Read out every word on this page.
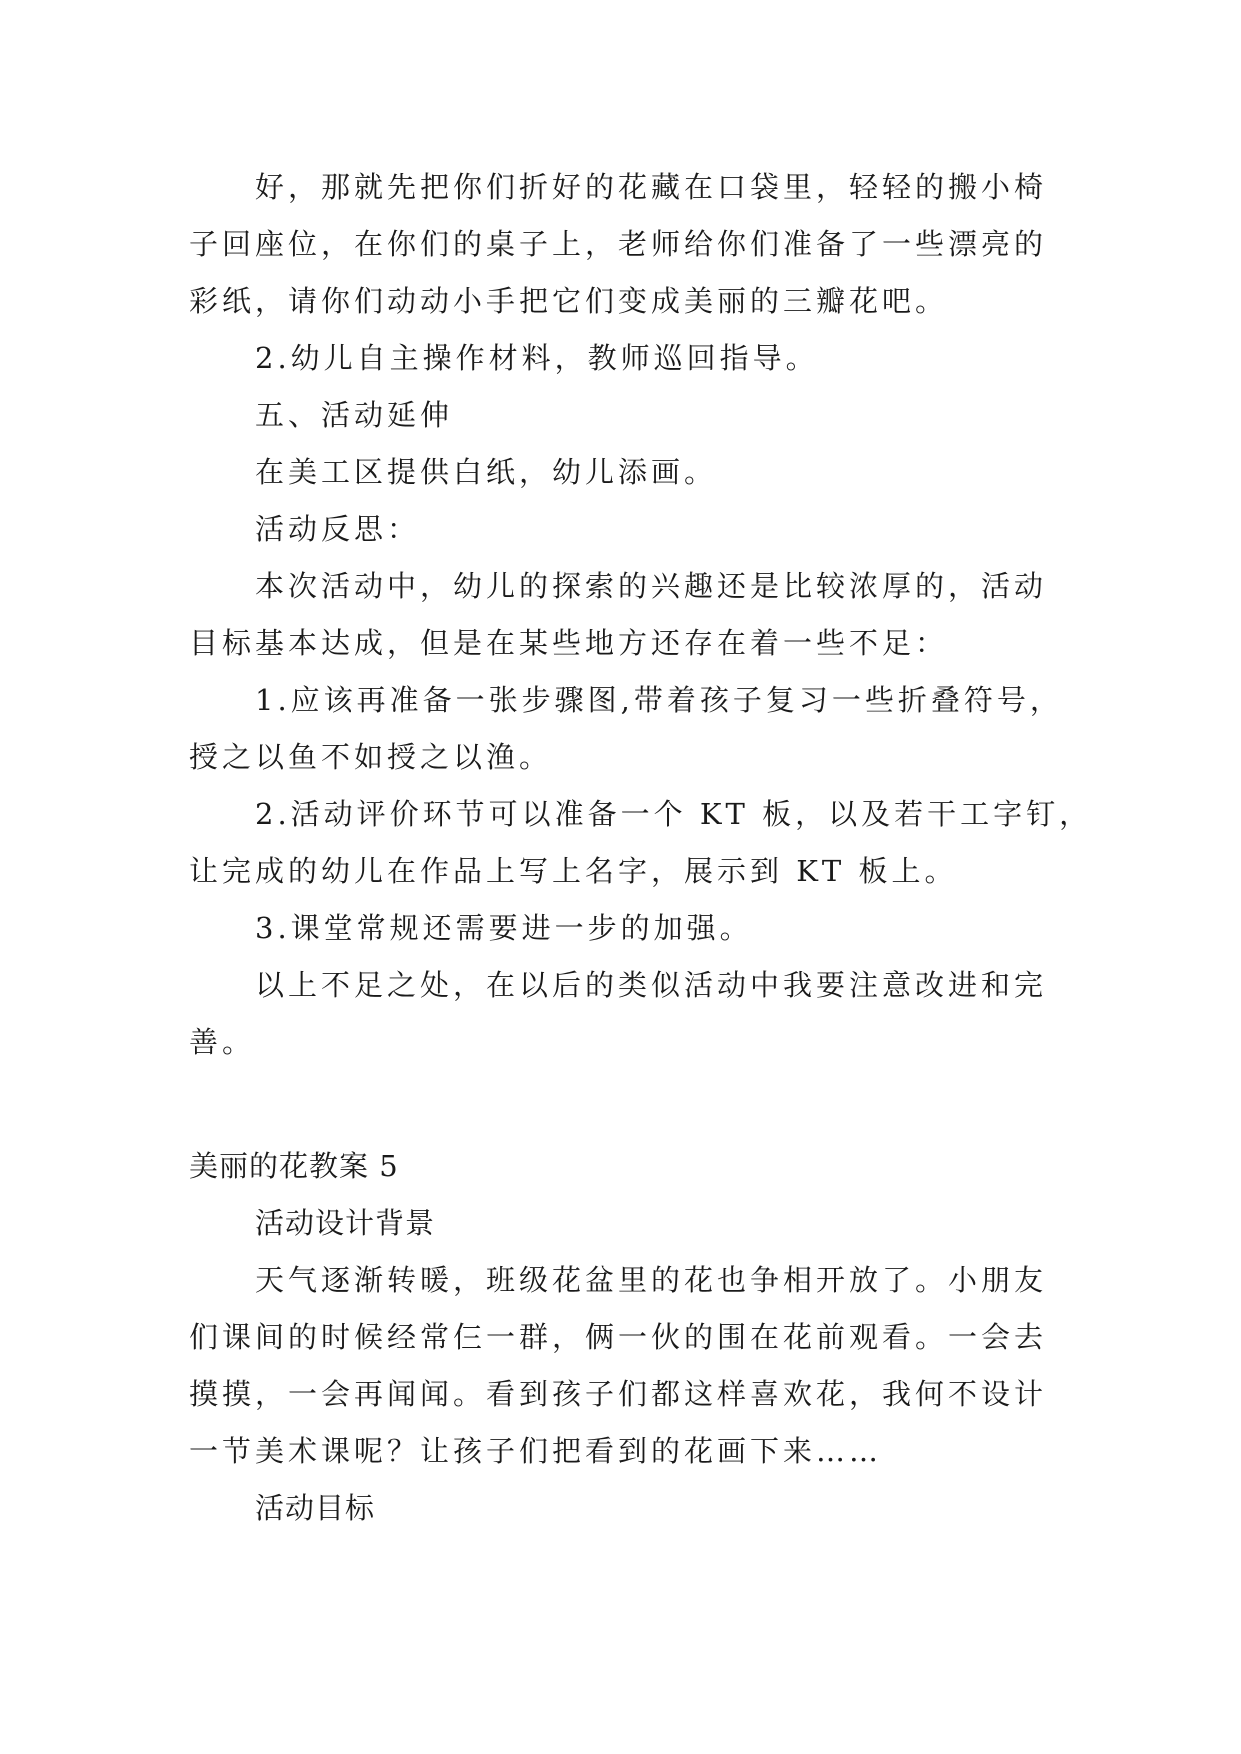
好，那就先把你们折好的花藏在口袋里，轻轻的搬小椅
子回座位，在你们的桌子上，老师给你们准备了一些漂亮的
彩纸，请你们动动小手把它们变成美丽的三瓣花吧。
2.幼儿自主操作材料，教师巡回指导。
五、活动延伸
在美工区提供白纸，幼儿添画。
活动反思：
本次活动中，幼儿的探索的兴趣还是比较浓厚的，活动
目标基本达成，但是在某些地方还存在着一些不足：
1.应该再准备一张步骤图,带着孩子复习一些折叠符号，
授之以鱼不如授之以渔。
2.活动评价环节可以准备一个 KT 板，以及若干工字钉，
让完成的幼儿在作品上写上名字，展示到 KT 板上。
3.课堂常规还需要进一步的加强。
以上不足之处，在以后的类似活动中我要注意改进和完
善。
美丽的花教案 5
活动设计背景
天气逐渐转暖，班级花盆里的花也争相开放了。小朋友
们课间的时候经常仨一群，俩一伙的围在花前观看。一会去
摸摸，一会再闻闻。看到孩子们都这样喜欢花，我何不设计
一节美术课呢？让孩子们把看到的花画下来……
活动目标
